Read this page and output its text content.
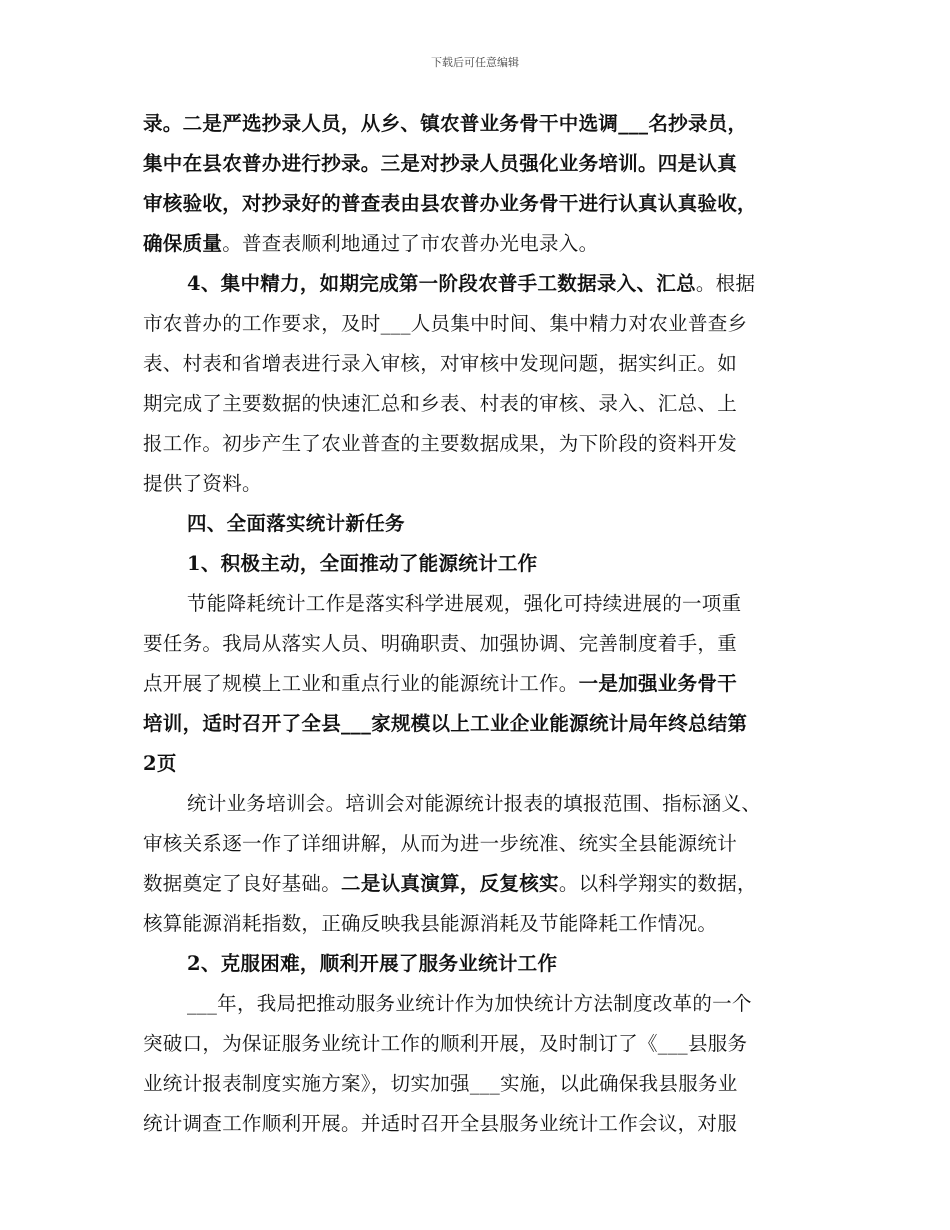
下载后可任意编辑
录。二是严选抄录人员，从乡、镇农普业务骨干中选调___名抄录员，
集中在县农普办进行抄录。三是对抄录人员强化业务培训。四是认真
审核验收，对抄录好的普查表由县农普办业务骨干进行认真认真验收，
确保质量。普查表顺利地通过了市农普办光电录入。
4、集中精力，如期完成第一阶段农普手工数据录入、汇总。根据
市农普办的工作要求，及时___人员集中时间、集中精力对农业普查乡
表、村表和省增表进行录入审核，对审核中发现问题，据实纠正。如
期完成了主要数据的快速汇总和乡表、村表的审核、录入、汇总、上
报工作。初步产生了农业普查的主要数据成果，为下阶段的资料开发
提供了资料。
四、全面落实统计新任务
1、积极主动，全面推动了能源统计工作
节能降耗统计工作是落实科学进展观，强化可持续进展的一项重
要任务。我局从落实人员、明确职责、加强协调、完善制度着手，重
点开展了规模上工业和重点行业的能源统计工作。一是加强业务骨干
培训，适时召开了全县___家规模以上工业企业能源统计局年终总结第
2页
统计业务培训会。培训会对能源统计报表的填报范围、指标涵义、
审核关系逐一作了详细讲解，从而为进一步统准、统实全县能源统计
数据奠定了良好基础。二是认真演算，反复核实。以科学翔实的数据，
核算能源消耗指数，正确反映我县能源消耗及节能降耗工作情况。
2、克服困难，顺利开展了服务业统计工作
___年，我局把推动服务业统计作为加快统计方法制度改革的一个
突破口，为保证服务业统计工作的顺利开展，及时制订了《___县服务
业统计报表制度实施方案》，切实加强___实施，以此确保我县服务业
统计调查工作顺利开展。并适时召开全县服务业统计工作会议，对服
